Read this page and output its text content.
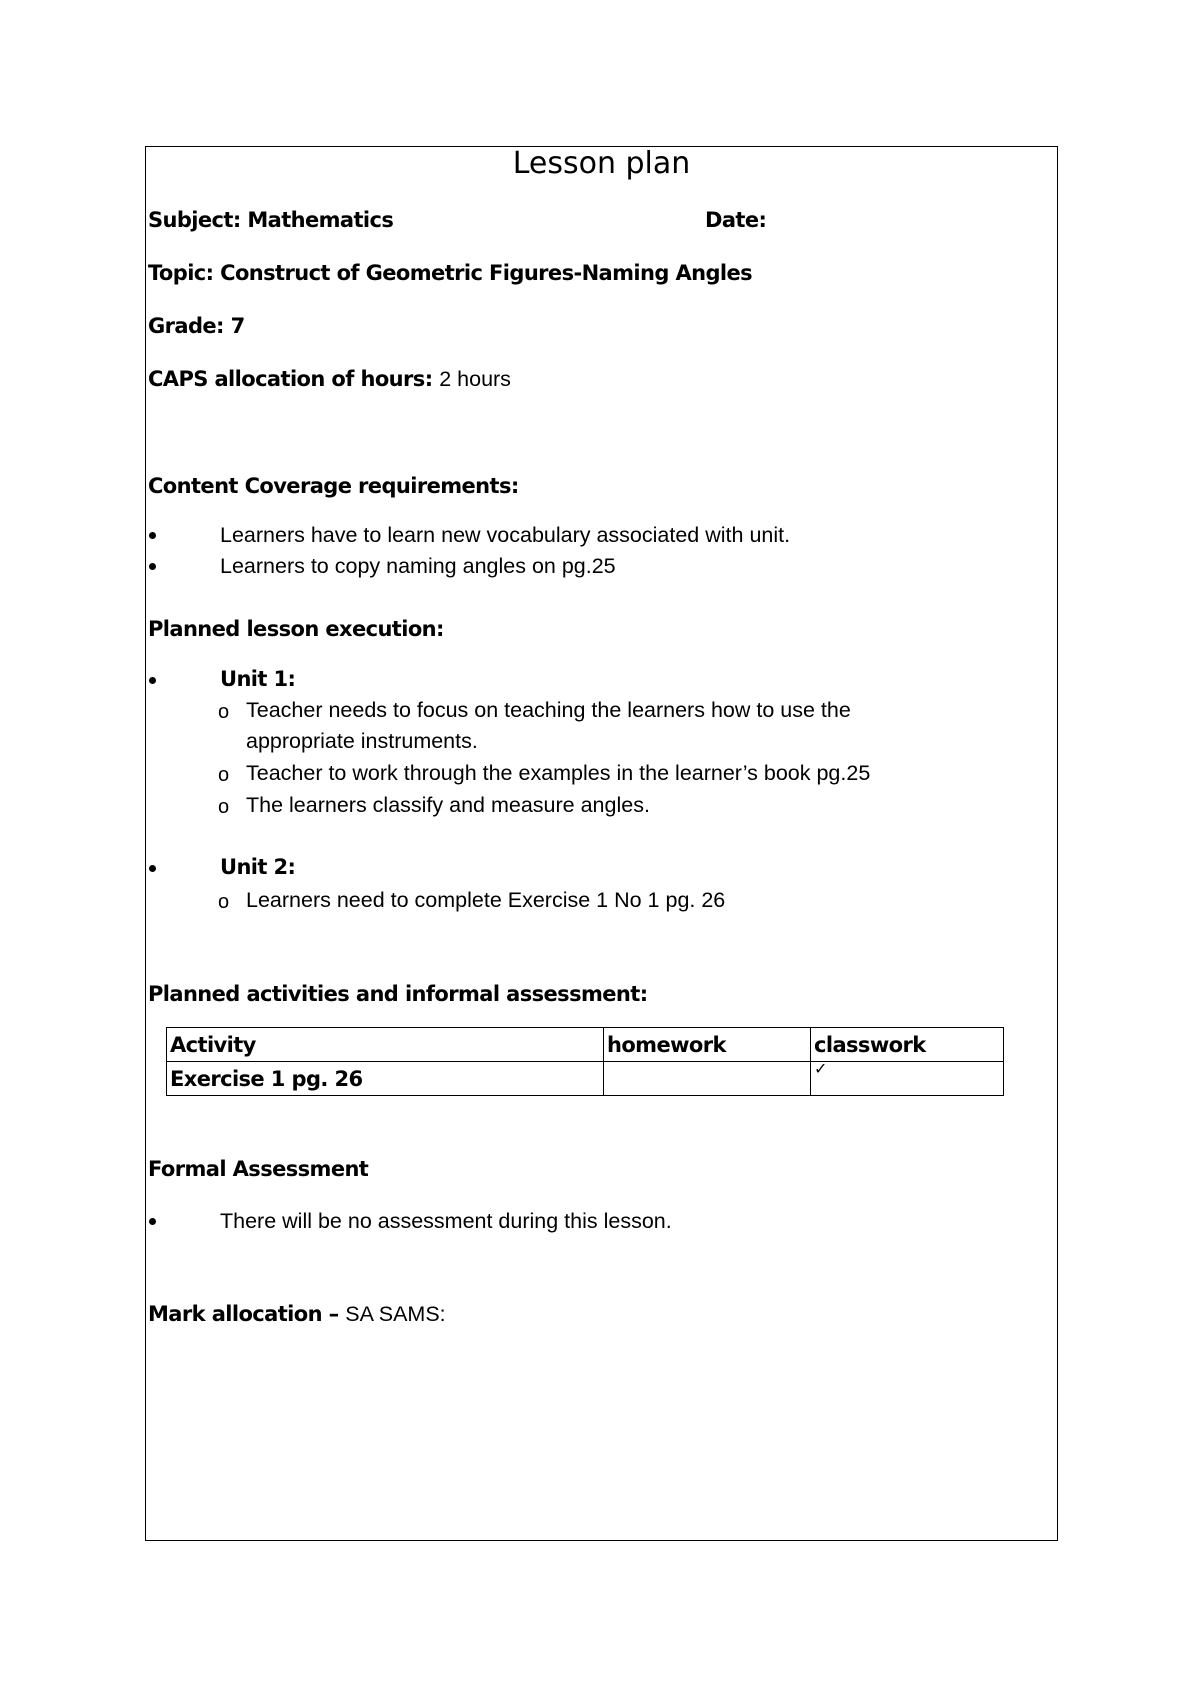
Lesson plan
Subject: Mathematics	Date:
Topic: Construct of Geometric Figures-Naming Angles
Grade: 7
CAPS allocation of hours: 2 hours
Content Coverage requirements:
Learners have to learn new vocabulary associated with unit.
Learners to copy naming angles on pg.25
Planned lesson execution:
Unit 1:
o Teacher needs to focus on teaching the learners how to use the
appropriate instruments.
o Teacher to work through the examples in the learner’s book pg.25
o The learners classify and measure angles.
Unit 2:
o Learners need to complete Exercise 1 No 1 pg. 26
Planned activities and informal assessment:
Activity	homework	classwork
Exercise 1 pg. 26		✓
Formal Assessment
There will be no assessment during this lesson.
Mark allocation – SA SAMS:
